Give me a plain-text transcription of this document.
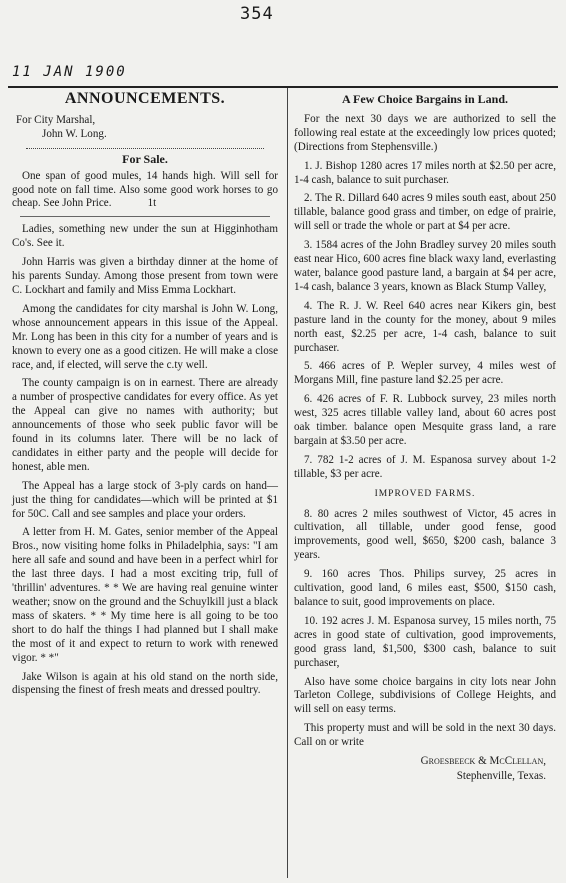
354
11 JAN 1900
ANNOUNCEMENTS.
For City Marshal,
John W. Long.
For Sale.

One span of good mules, 14 hands high. Will sell for good note on fall time. Also some good work horses to go cheap. See John Price.	1t

Ladies, something new under the sun at Higginhotham Co's. See it.

John Harris was given a birthday dinner at the home of his parents Sunday. Among those present from town were C. Lockhart and family and Miss Emma Lockhart.

Among the candidates for city marshal is John W. Long, whose announcement appears in this issue of the Appeal. Mr. Long has been in this city for a number of years and is known to every one as a good citizen. He will make a close race, and, if elected, will serve the c.ty well.

The county campaign is on in earnest. There are already a number of prospective candidates for every office. As yet the Appeal can give no names with authority; but announcements of those who seek public favor will be found in its columns later. There will be no lack of candidates in either party and the people will decide for honest, able men.

The Appeal has a large stock of 3-ply cards on hand—just the thing for candidates—which will be printed at $1 for 50C. Call and see samples and place your orders.

A letter from H. M. Gates, senior member of the Appeal Bros., now visiting home folks in Philadelphia, says: "I am here all safe and sound and have been in a perfect whirl for the last three days. I had a most exciting trip, full of 'thrillin' adventures. * * We are having real genuine winter weather; snow on the ground and the Schuylkill just a black mass of skaters. * * My time here is all going to be too short to do half the things I had planned but I shall make the most of it and expect to return to work with renewed vigor. * *"

Jake Wilson is again at his old stand on the north side, dispensing the finest of fresh meats and dressed poultry.

A Few Choice Bargains in Land.

For the next 30 days we are authorized to sell the following real estate at the exceedingly low prices quoted; (Directions from Stephensville.)

1. J. Bishop 1280 acres 17 miles north at $2.50 per acre, 1-4 cash, balance to suit purchaser.

2. The R. Dillard 640 acres 9 miles south east, about 250 tillable, balance good grass and timber, on edge of prairie, will sell or trade the whole or part at $4 per acre.

3. 1584 acres of the John Bradley survey 20 miles south east near Hico, 600 acres fine black waxy land, everlasting water, balance good pasture land, a bargain at $4 per acre, 1-4 cash, balance 3 years, known as Black Stump Valley,

4. The R. J. W. Reel 640 acres near Kikers gin, best pasture land in the county for the money, about 9 miles north east, $2.25 per acre, 1-4 cash, balance to suit purchaser.

5. 466 acres of P. Wepler survey, 4 miles west of Morgans Mill, fine pasture land $2.25 per acre.

6. 426 acres of F. R. Lubbock survey, 23 miles north west, 325 acres tillable valley land, about 60 acres post oak timber. balance open Mesquite grass land, a rare bargain at $3.50 per acre.

7. 782 1-2 acres of J. M. Espanosa survey about 1-2 tillable, $3 per acre.

IMPROVED FARMS.

8. 80 acres 2 miles southwest of Victor, 45 acres in cultivation, all tillable, under good fense, good improvements, good well, $650, $200 cash, balance 3 years.

9. 160 acres Thos. Philips survey, 25 acres in cultivation, good land, 6 miles east, $500, $150 cash, balance to suit, good improvements on place.

10. 192 acres J. M. Espanosa survey, 15 miles north, 75 acres in good state of cultivation, good improvements, good grass land, $1,500, $300 cash, balance to suit purchaser,

Also have some choice bargains in city lots near John Tarleton College, subdivisions of College Heights, and will sell on easy terms.

This property must and will be sold in the next 30 days. Call on or write

Groesbeeck & McClellan,
Stephenville, Texas.
